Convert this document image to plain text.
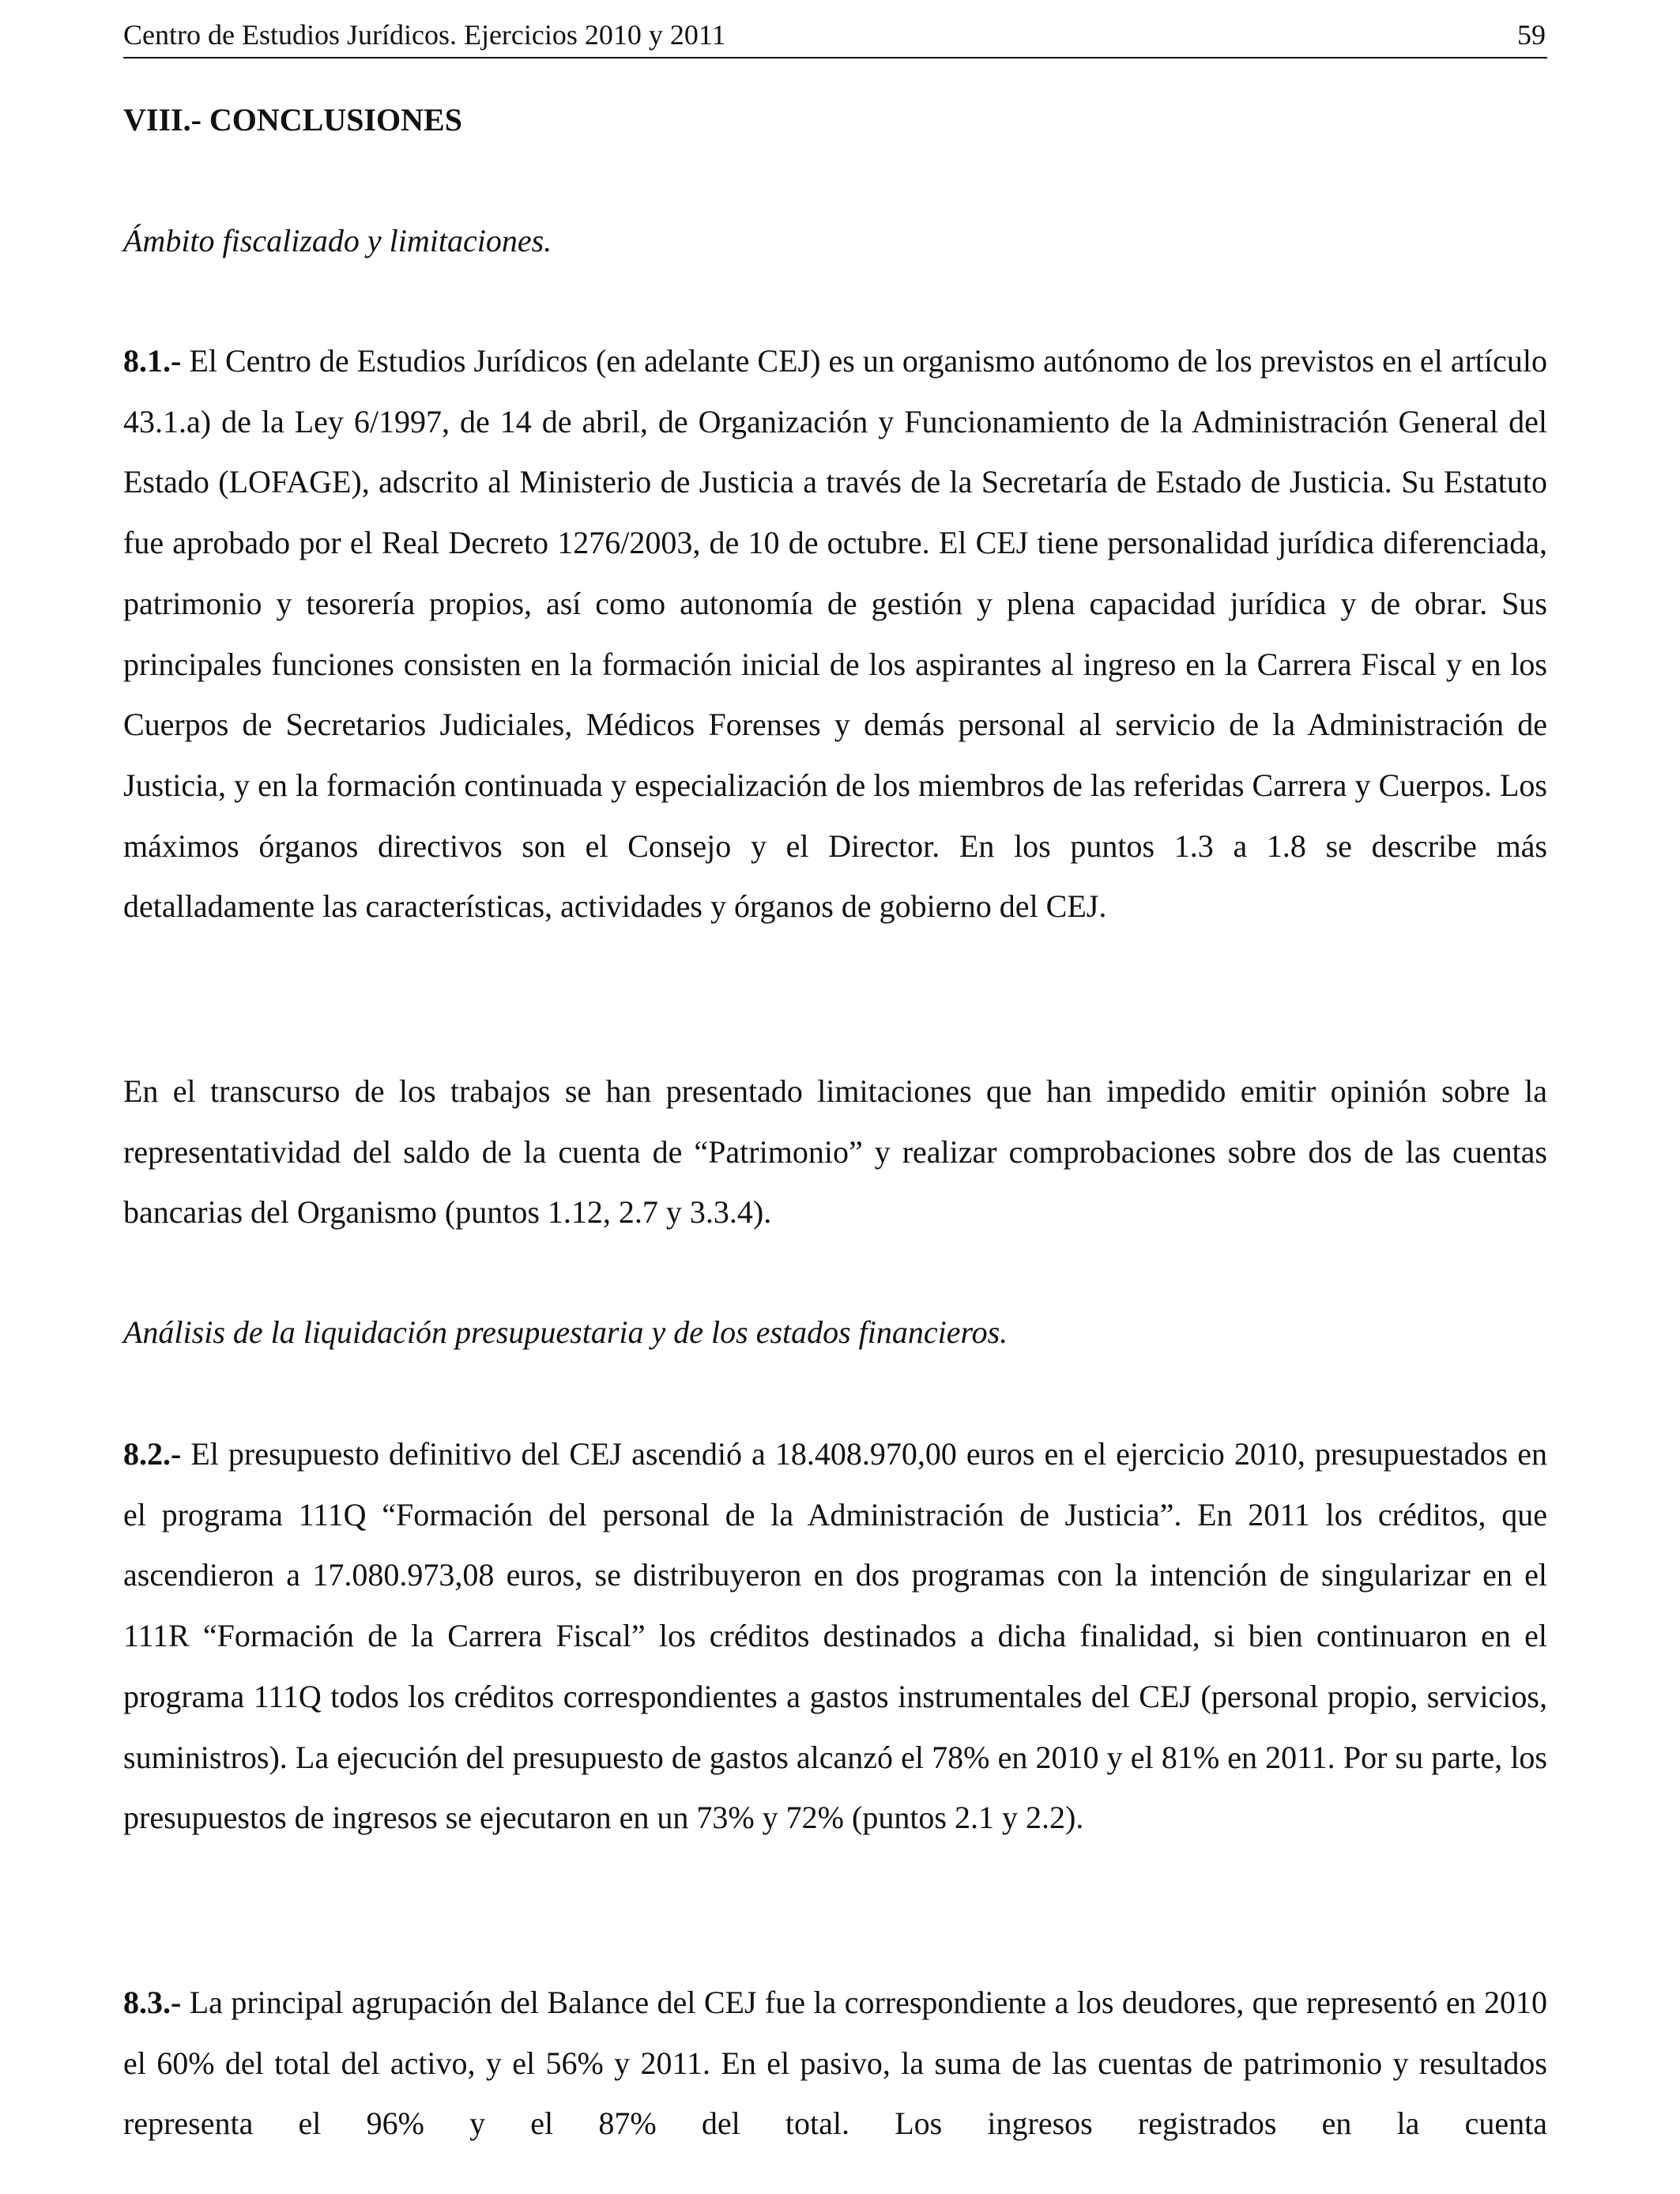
Centro de Estudios Jurídicos. Ejercicios 2010 y 2011	59
VIII.- CONCLUSIONES
Ámbito fiscalizado y limitaciones.

8.1.- El Centro de Estudios Jurídicos (en adelante CEJ) es un organismo autónomo de los previstos en el artículo 43.1.a) de la Ley 6/1997, de 14 de abril, de Organización y Funcionamiento de la Administración General del Estado (LOFAGE), adscrito al Ministerio de Justicia a través de la Secretaría de Estado de Justicia. Su Estatuto fue aprobado por el Real Decreto 1276/2003, de 10 de octubre. El CEJ tiene personalidad jurídica diferenciada, patrimonio y tesorería propios, así como autonomía de gestión y plena capacidad jurídica y de obrar. Sus principales funciones consisten en la formación inicial de los aspirantes al ingreso en la Carrera Fiscal y en los Cuerpos de Secretarios Judiciales, Médicos Forenses y demás personal al servicio de la Administración de Justicia, y en la formación continuada y especialización de los miembros de las referidas Carrera y Cuerpos. Los máximos órganos directivos son el Consejo y el Director. En los puntos 1.3 a 1.8 se describe más detalladamente las características, actividades y órganos de gobierno del CEJ.

En el transcurso de los trabajos se han presentado limitaciones que han impedido emitir opinión sobre la representatividad del saldo de la cuenta de “Patrimonio” y realizar comprobaciones sobre dos de las cuentas bancarias del Organismo (puntos 1.12, 2.7 y 3.3.4).

Análisis de la liquidación presupuestaria y de los estados financieros.

8.2.- El presupuesto definitivo del CEJ ascendió a 18.408.970,00 euros en el ejercicio 2010, presupuestados en el programa 111Q “Formación del personal de la Administración de Justicia”. En 2011 los créditos, que ascendieron a 17.080.973,08 euros, se distribuyeron en dos programas con la intención de singularizar en el 111R “Formación de la Carrera Fiscal” los créditos destinados a dicha finalidad, si bien continuaron en el programa 111Q todos los créditos correspondientes a gastos instrumentales del CEJ (personal propio, servicios, suministros). La ejecución del presupuesto de gastos alcanzó el 78% en 2010 y el 81% en 2011. Por su parte, los presupuestos de ingresos se ejecutaron en un 73% y 72% (puntos 2.1 y 2.2).

8.3.- La principal agrupación del Balance del CEJ fue la correspondiente a los deudores, que representó en 2010 el 60% del total del activo, y el 56% y 2011. En el pasivo, la suma de las cuentas de patrimonio y resultados representa el 96% y el 87% del total. Los ingresos registrados en la cuenta
